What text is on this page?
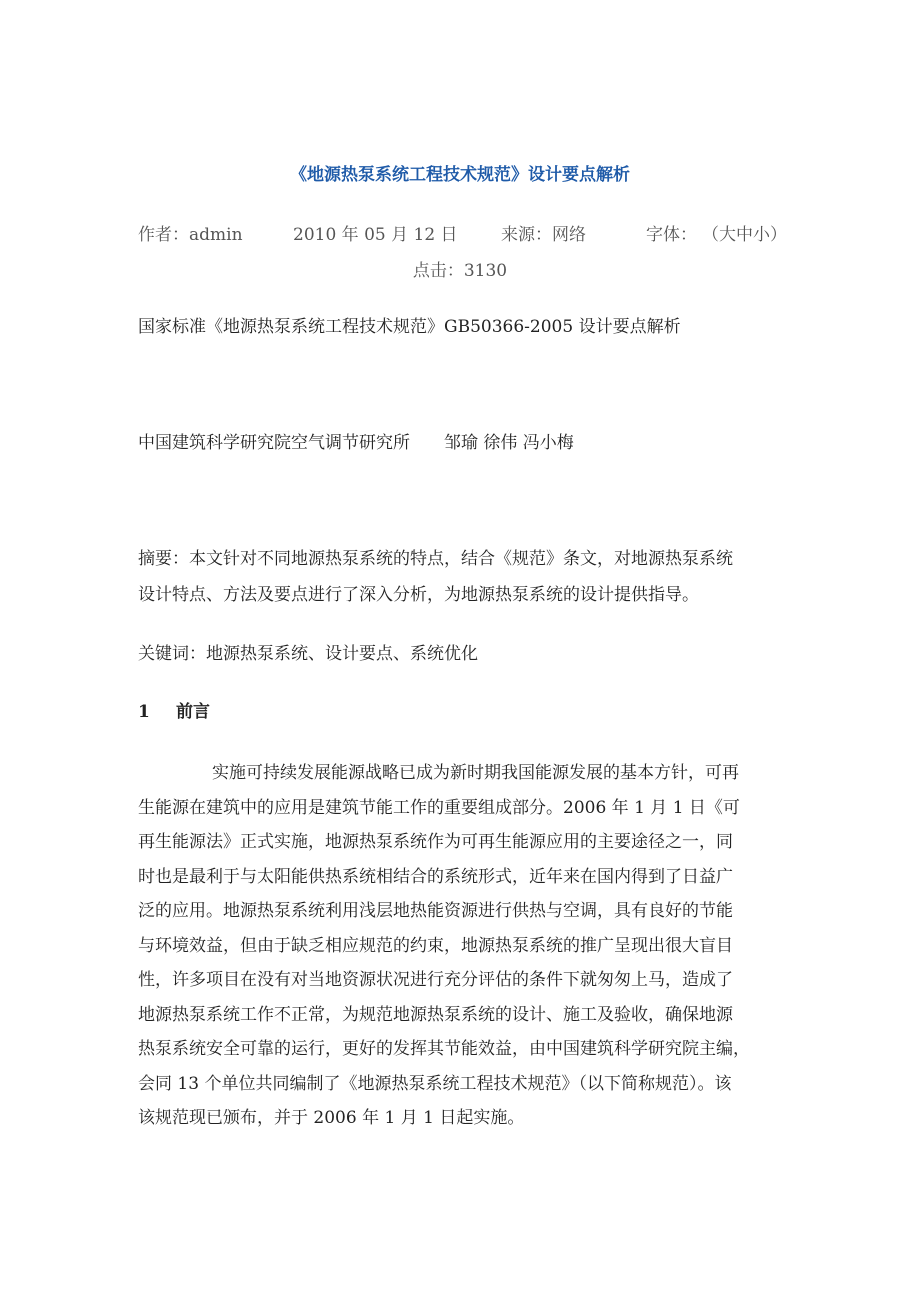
《地源热泵系统工程技术规范》设计要点解析
作者：admin	2010 年 05 月 12 日	来源：网络	字体： （大中小）
点击：3130
国家标准《地源热泵系统工程技术规范》GB50366-2005 设计要点解析
中国建筑科学研究院空气调节研究所　　邹瑜 徐伟 冯小梅
摘要：本文针对不同地源热泵系统的特点，结合《规范》条文，对地源热泵系统
设计特点、方法及要点进行了深入分析，为地源热泵系统的设计提供指导。
关键词：地源热泵系统、设计要点、系统优化
1 前言

实施可持续发展能源战略已成为新时期我国能源发展的基本方针，可再

生能源在建筑中的应用是建筑节能工作的重要组成部分。2006 年 1 月 1 日《可

再生能源法》正式实施，地源热泵系统作为可再生能源应用的主要途径之一，同

时也是最利于与太阳能供热系统相结合的系统形式，近年来在国内得到了日益广

泛的应用。地源热泵系统利用浅层地热能资源进行供热与空调，具有良好的节能

与环境效益，但由于缺乏相应规范的约束，地源热泵系统的推广呈现出很大盲目

性，许多项目在没有对当地资源状况进行充分评估的条件下就匆匆上马，造成了

地源热泵系统工作不正常，为规范地源热泵系统的设计、施工及验收，确保地源

热泵系统安全可靠的运行，更好的发挥其节能效益，由中国建筑科学研究院主编，

会同 13 个单位共同编制了《地源热泵系统工程技术规范》（以下简称规范）。该

该规范现已颁布，并于 2006 年 1 月 1 日起实施。
